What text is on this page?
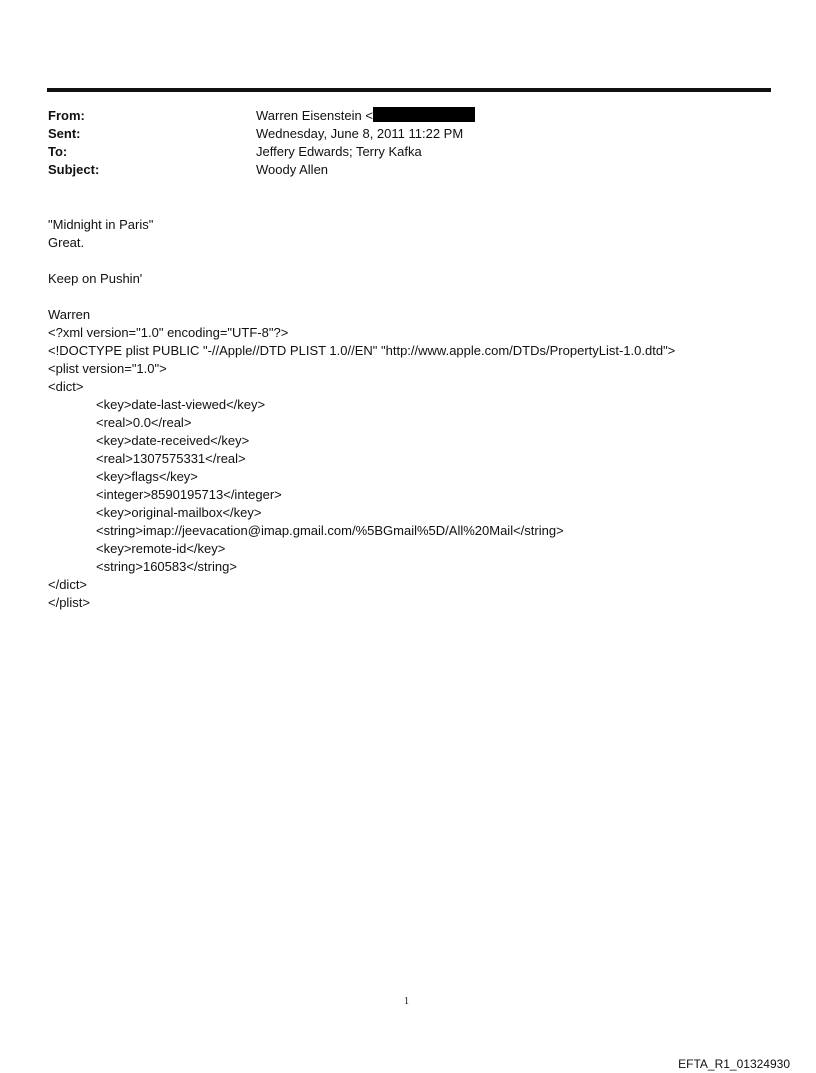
From:	Warren Eisenstein <
Sent:	Wednesday, June 8, 2011 11:22 PM
To:	Jeffery Edwards; Terry Kafka
Subject:	Woody Allen
"Midnight in Paris"
Great.
Keep on Pushin'
Warren
<?xml version="1.0" encoding="UTF-8"?>
<!DOCTYPE plist PUBLIC "-//Apple//DTD PLIST 1.0//EN" "http://www.apple.com/DTDs/PropertyList-1.0.dtd">
<plist version="1.0">
<dict>
<key>date-last-viewed</key>
<real>0.0</real>
<key>date-received</key>
<real>1307575331</real>
<key>flags</key>
<integer>8590195713</integer>
<key>original-mailbox</key>
<string>imap://jeevacation@imap.gmail.com/%5BGmail%5D/All%20Mail</string>
<key>remote-id</key>
<string>160583</string>
</dict>
</plist>
1
EFTA_R1_01324930
